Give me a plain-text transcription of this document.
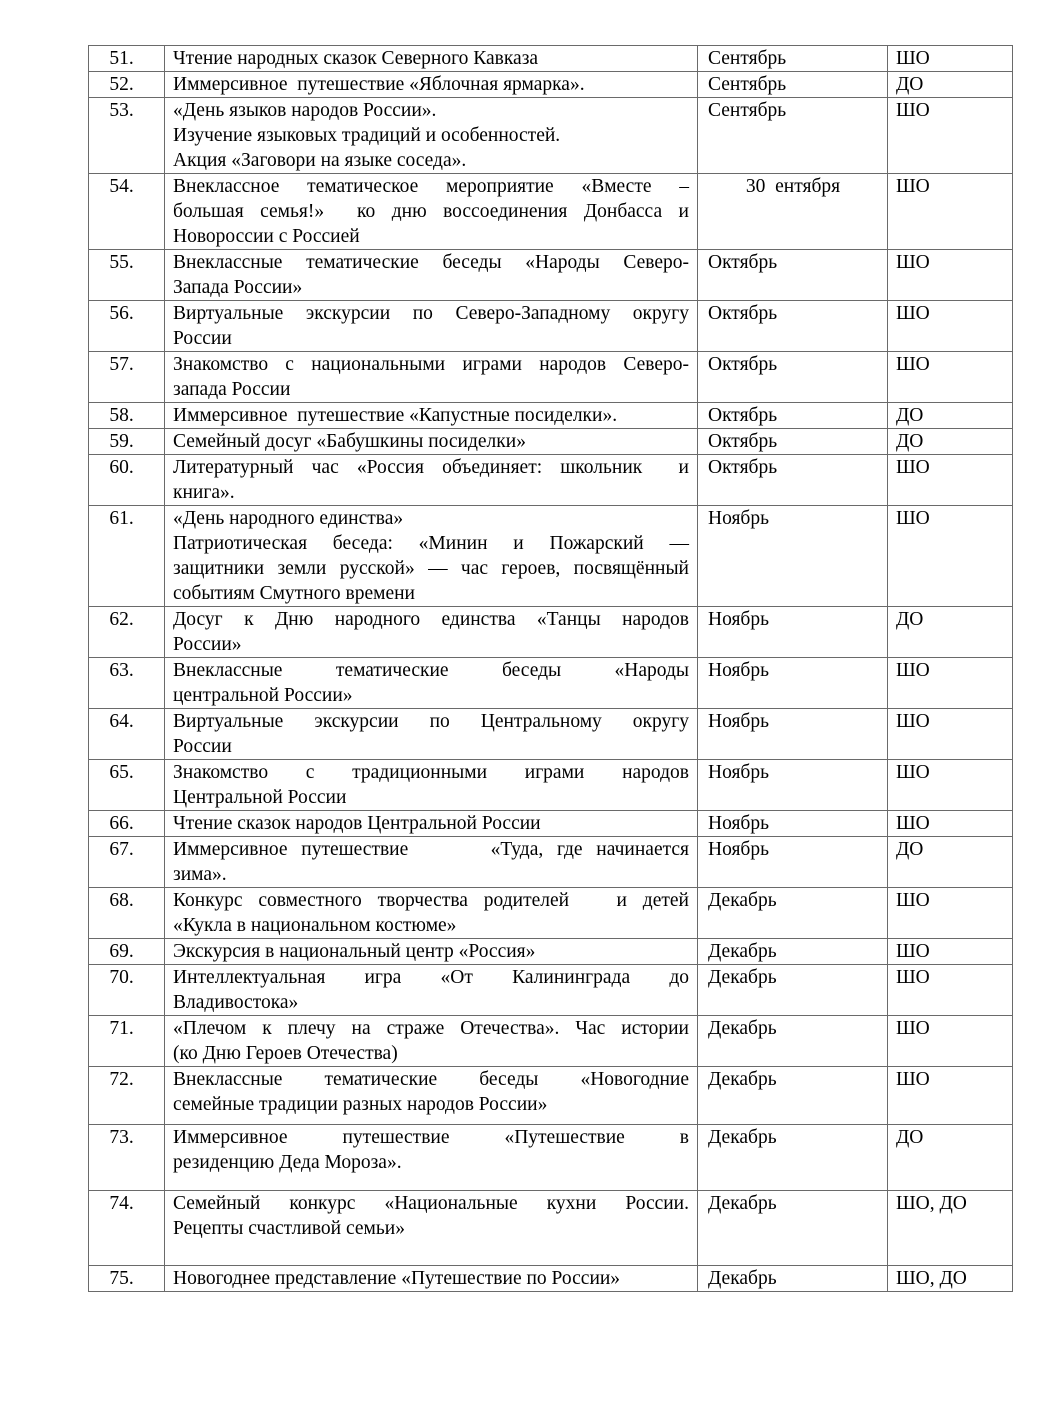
51.	Чтение народных сказок Северного Кавказа	Сентябрь	ШО
52.	Иммерсивное  путешествие «Яблочная ярмарка».	Сентябрь	ДО
53.	«День языков народов России».
Изучение языковых традиций и особенностей.
Акция «Заговори на языке соседа».	Сентябрь	ШО
54.	Внеклассное тематическое мероприятие «Вместе –
большая семья!»  ко дню воссоединения Донбасса и
Новороссии с Россией	30  ентября	ШО
55.	Внеклассные тематические беседы «Народы Северо-
Запада России»	Октябрь	ШО
56.	Виртуальные экскурсии по Северо-Западному округу
России	Октябрь	ШО
57.	Знакомство с национальными играми народов Северо-
запада России	Октябрь	ШО
58.	Иммерсивное  путешествие «Капустные посиделки».	Октябрь	ДО
59.	Семейный досуг «Бабушкины посиделки»	Октябрь	ДО
60.	Литературный час «Россия объединяет: школьник  и
книга».	Октябрь	ШО
61.	«День народного единства»
Патриотическая беседа: «Минин и Пожарский —
защитники земли русской» — час героев, посвящённый
событиям Смутного времени	Ноябрь	ШО
62.	Досуг к Дню народного единства «Танцы народов
России»	Ноябрь	ДО
63.	Внеклассные тематические беседы «Народы
центральной России»	Ноябрь	ШО
64.	Виртуальные экскурсии по Центральному округу
России	Ноябрь	ШО
65.	Знакомство с традиционными играми народов
Центральной России	Ноябрь	ШО
66.	Чтение сказок народов Центральной России	Ноябрь	ШО
67.	Иммерсивное путешествие      «Туда, где начинается
зима».	Ноябрь	ДО
68.	Конкурс совместного творчества родителей   и детей
«Кукла в национальном костюме»	Декабрь	ШО
69.	Экскурсия в национальный центр «Россия»	Декабрь	ШО
70.	Интеллектуальная игра «От Калининграда до
Владивостока»	Декабрь	ШО
71.	«Плечом к плечу на страже Отечества». Час истории
(ко Дню Героев Отечества)	Декабрь	ШО
72.	Внеклассные тематические беседы «Новогодние
семейные традиции разных народов России»	Декабрь	ШО
73.	Иммерсивное путешествие «Путешествие в
резиденцию Деда Мороза».	Декабрь	ДО
74.	Семейный конкурс «Национальные кухни России.
Рецепты счастливой семьи»	Декабрь	ШО, ДО
75.	Новогоднее представление «Путешествие по России»	Декабрь	ШО, ДО
